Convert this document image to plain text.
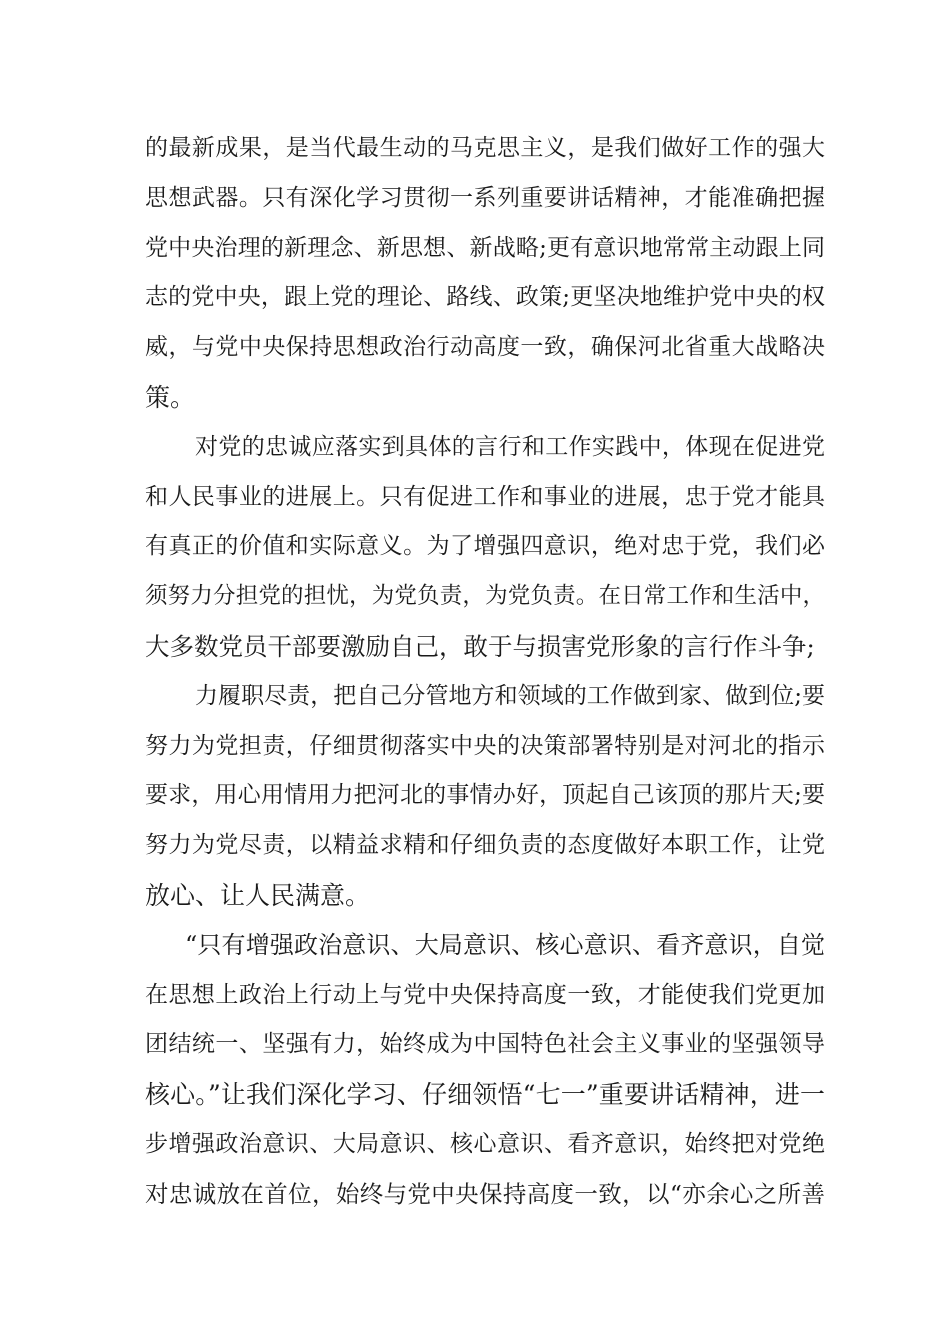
的最新成果，是当代最生动的马克思主义，是我们做好工作的强大
思想武器。只有深化学习贯彻一系列重要讲话精神，才能准确把握
党中央治理的新理念、新思想、新战略;更有意识地常常主动跟上同
志的党中央，跟上党的理论、路线、政策;更坚决地维护党中央的权
威，与党中央保持思想政治行动高度一致，确保河北省重大战略决
策。
对党的忠诚应落实到具体的言行和工作实践中，体现在促进党
和人民事业的进展上。只有促进工作和事业的进展，忠于党才能具
有真正的价值和实际意义。为了增强四意识，绝对忠于党，我们必
须努力分担党的担忧，为党负责，为党负责。在日常工作和生活中，
大多数党员干部要激励自己，敢于与损害党形象的言行作斗争;
力履职尽责，把自己分管地方和领域的工作做到家、做到位;要
努力为党担责，仔细贯彻落实中央的决策部署特别是对河北的指示
要求，用心用情用力把河北的事情办好，顶起自己该顶的那片天;要
努力为党尽责，以精益求精和仔细负责的态度做好本职工作，让党
放心、让人民满意。
“只有增强政治意识、大局意识、核心意识、看齐意识，自觉
在思想上政治上行动上与党中央保持高度一致，才能使我们党更加
团结统一、坚强有力，始终成为中国特色社会主义事业的坚强领导
核心。”让我们深化学习、仔细领悟“七一”重要讲话精神，进一
步增强政治意识、大局意识、核心意识、看齐意识，始终把对党绝
对忠诚放在首位，始终与党中央保持高度一致，以“亦余心之所善
